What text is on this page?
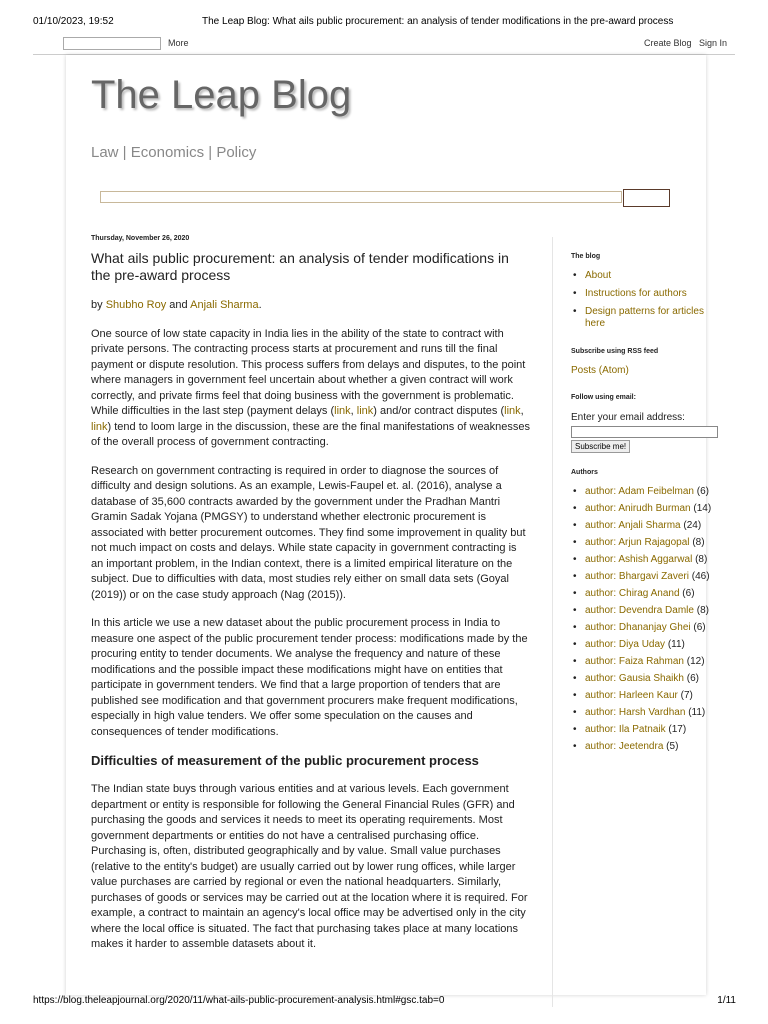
01/10/2023, 19:52	The Leap Blog: What ails public procurement: an analysis of tender modifications in the pre-award process
More	Create Blog Sign In
The Leap Blog
Law | Economics | Policy
Thursday, November 26, 2020
What ails public procurement: an analysis of tender modifications in the pre-award process

by Shubho Roy and Anjali Sharma.

One source of low state capacity in India lies in the ability of the state to contract with private persons. The contracting process starts at procurement and runs till the final payment or dispute resolution. This process suffers from delays and disputes, to the point where managers in government feel uncertain about whether a given contract will work correctly, and private firms feel that doing business with the government is problematic. While difficulties in the last step (payment delays (link, link) and/or contract disputes (link, link) tend to loom large in the discussion, these are the final manifestations of weaknesses of the overall process of government contracting.

Research on government contracting is required in order to diagnose the sources of difficulty and design solutions. As an example, Lewis-Faupel et. al. (2016), analyse a database of 35,600 contracts awarded by the government under the Pradhan Mantri Gramin Sadak Yojana (PMGSY) to understand whether electronic procurement is associated with better procurement outcomes. They find some improvement in quality but not much impact on costs and delays. While state capacity in government contracting is an important problem, in the Indian context, there is a limited empirical literature on the subject. Due to difficulties with data, most studies rely either on small data sets (Goyal (2019)) or on the case study approach (Nag (2015)).

In this article we use a new dataset about the public procurement process in India to measure one aspect of the public procurement tender process: modifications made by the procuring entity to tender documents. We analyse the frequency and nature of these modifications and the possible impact these modifications might have on entities that participate in government tenders. We find that a large proportion of tenders that are published see modification and that government procurers make frequent modifications, especially in high value tenders. We offer some speculation on the causes and consequences of tender modifications.

Difficulties of measurement of the public procurement process

The Indian state buys through various entities and at various levels. Each government department or entity is responsible for following the General Financial Rules (GFR) and purchasing the goods and services it needs to meet its operating requirements. Most government departments or entities do not have a centralised purchasing office. Purchasing is, often, distributed geographically and by value. Small value purchases (relative to the entity's budget) are usually carried out by lower rung offices, while larger value purchases are carried by regional or even the national headquarters. Similarly, purchases of goods or services may be carried out at the location where it is required. For example, a contract to maintain an agency's local office may be advertised only in the city where the local office is situated. The fact that purchasing takes place at many locations makes it harder to assemble datasets about it.

The blog
• About
• Instructions for authors
• Design patterns for articles here
Subscribe using RSS feed
Posts (Atom)
Follow using email:
Enter your email address:
Subscribe me!
Authors
• author: Adam Feibelman (6)
• author: Anirudh Burman (14)
• author: Anjali Sharma (24)
• author: Arjun Rajagopal (8)
• author: Ashish Aggarwal (8)
• author: Bhargavi Zaveri (46)
• author: Chirag Anand (6)
• author: Devendra Damle (8)
• author: Dhananjay Ghei (6)
• author: Diya Uday (11)
• author: Faiza Rahman (12)
• author: Gausia Shaikh (6)
• author: Harleen Kaur (7)
• author: Harsh Vardhan (11)
• author: Ila Patnaik (17)
• author: Jeetendra (5)
https://blog.theleapjournal.org/2020/11/what-ails-public-procurement-analysis.html#gsc.tab=0	1/11
